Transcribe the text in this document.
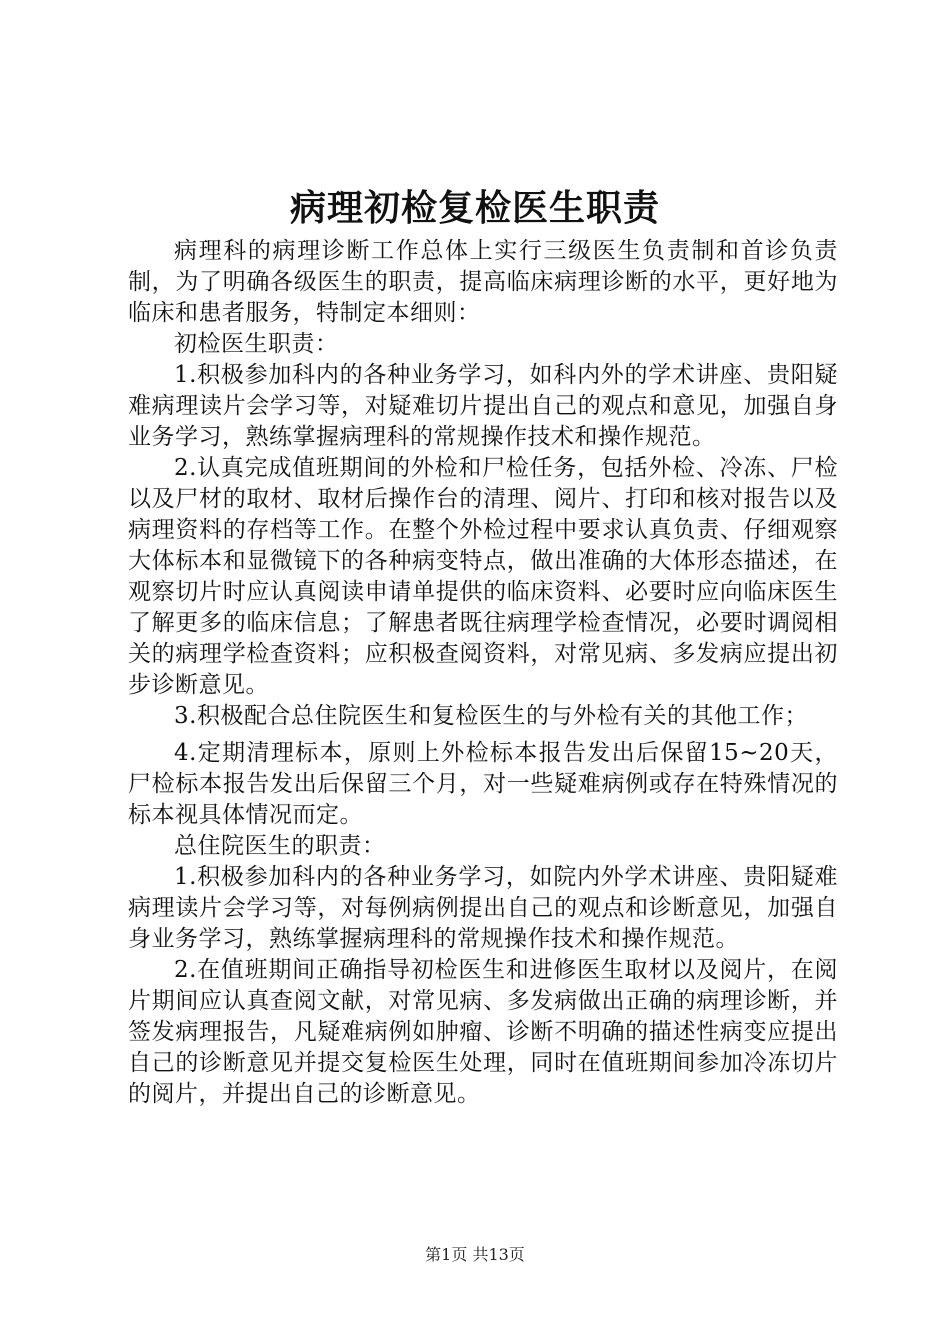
病理初检复检医生职责

病理科的病理诊断工作总体上实行三级医生负责制和首诊负责制，为了明确各级医生的职责，提高临床病理诊断的水平，更好地为临床和患者服务，特制定本细则：

初检医生职责：

1.积极参加科内的各种业务学习，如科内外的学术讲座、贵阳疑难病理读片会学习等，对疑难切片提出自己的观点和意见，加强自身业务学习，熟练掌握病理科的常规操作技术和操作规范。

2.认真完成值班期间的外检和尸检任务，包括外检、冷冻、尸检以及尸材的取材、取材后操作台的清理、阅片、打印和核对报告以及病理资料的存档等工作。在整个外检过程中要求认真负责、仔细观察大体标本和显微镜下的各种病变特点，做出准确的大体形态描述，在观察切片时应认真阅读申请单提供的临床资料、必要时应向临床医生了解更多的临床信息；了解患者既往病理学检查情况，必要时调阅相关的病理学检查资料；应积极查阅资料，对常见病、多发病应提出初步诊断意见。

3.积极配合总住院医生和复检医生的与外检有关的其他工作；

4.定期清理标本，原则上外检标本报告发出后保留15~20天，尸检标本报告发出后保留三个月，对一些疑难病例或存在特殊情况的标本视具体情况而定。

总住院医生的职责：

1.积极参加科内的各种业务学习，如院内外学术讲座、贵阳疑难病理读片会学习等，对每例病例提出自己的观点和诊断意见，加强自身业务学习，熟练掌握病理科的常规操作技术和操作规范。

2.在值班期间正确指导初检医生和进修医生取材以及阅片，在阅片期间应认真查阅文献，对常见病、多发病做出正确的病理诊断，并签发病理报告，凡疑难病例如肿瘤、诊断不明确的描述性病变应提出自己的诊断意见并提交复检医生处理，同时在值班期间参加冷冻切片的阅片，并提出自己的诊断意见。

第1页 共13页
